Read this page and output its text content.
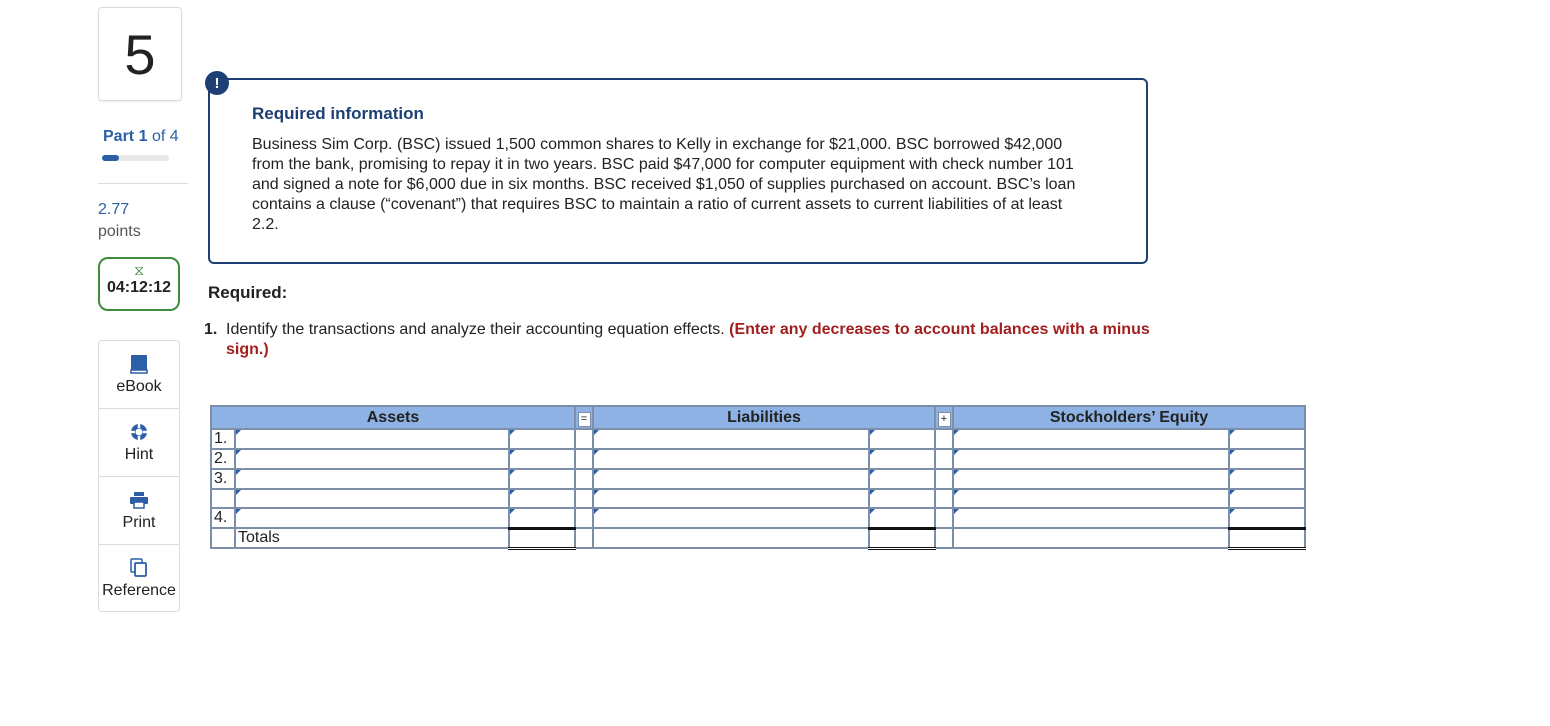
5
Part 1 of 4
2.77
points
⧖
04:12:12
eBook
Hint
Print
Reference
!
Required information
Business Sim Corp. (BSC) issued 1,500 common shares to Kelly in exchange for $21,000. BSC borrowed $42,000 from the bank, promising to repay it in two years. BSC paid $47,000 for computer equipment with check number 101 and signed a note for $6,000 due in six months. BSC received $1,050 of supplies purchased on account. BSC’s loan contains a clause (“covenant”) that requires BSC to maintain a ratio of current assets to current liabilities of at least 2.2.
Required:
1. Identify the transactions and analyze their accounting equation effects. (Enter any decreases to account balances with a minus sign.)
Assets			=	Liabilities		+	Stockholders’ Equity	
1.								
2.								
3.								

4.								
	Totals							
